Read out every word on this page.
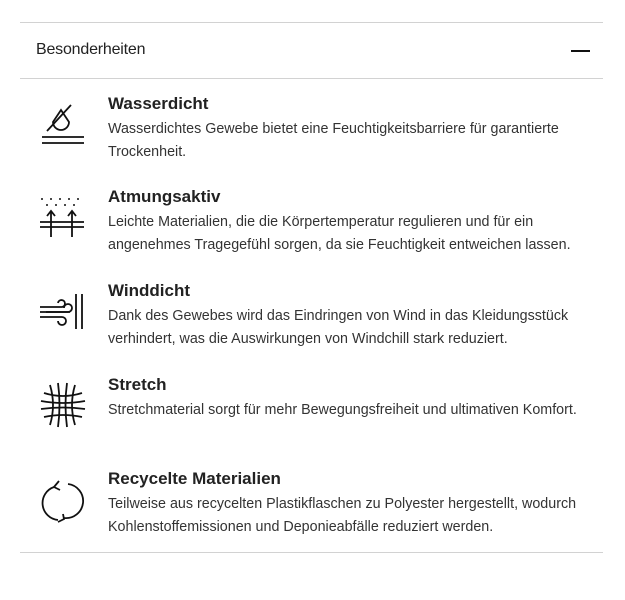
Besonderheiten
Wasserdicht
Wasserdichtes Gewebe bietet eine Feuchtigkeitsbarriere für garantierte Trockenheit.
Atmungsaktiv
Leichte Materialien, die die Körpertemperatur regulieren und für ein angenehmes Tragegefühl sorgen, da sie Feuchtigkeit entweichen lassen.
Winddicht
Dank des Gewebes wird das Eindringen von Wind in das Kleidungsstück verhindert, was die Auswirkungen von Windchill stark reduziert.
Stretch
Stretchmaterial sorgt für mehr Bewegungsfreiheit und ultimativen Komfort.
Recycelte Materialien
Teilweise aus recycelten Plastikflaschen zu Polyester hergestellt, wodurch Kohlenstoffemissionen und Deponieabfälle reduziert werden.
